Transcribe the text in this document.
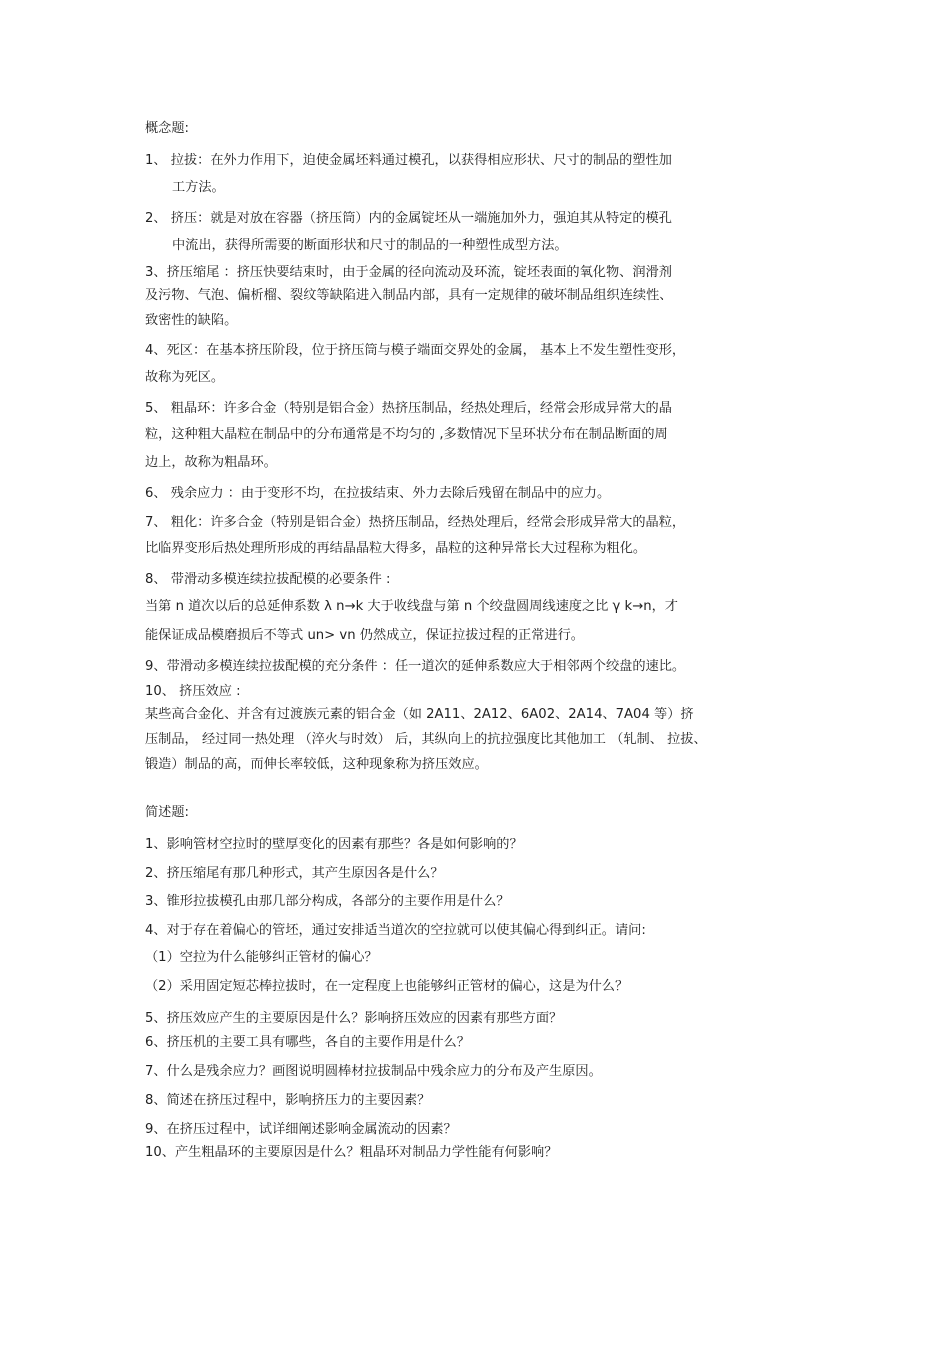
概念题:
1、 拉拔：在外力作用下，迫使金属坯料通过模孔，以获得相应形状、尺寸的制品的塑性加
工方法。
2、 挤压：就是对放在容器（挤压筒）内的金属锭坯从一端施加外力，强迫其从特定的模孔
中流出，获得所需要的断面形状和尺寸的制品的一种塑性成型方法。
3、挤压缩尾 ：挤压快要结束时，由于金属的径向流动及环流，锭坯表面的氧化物、润滑剂
及污物、气泡、偏析榴、裂纹等缺陷进入制品内部，具有一定规律的破坏制品组织连续性、
致密性的缺陷。
4、死区：在基本挤压阶段，位于挤压筒与模子端面交界处的金属， 基本上不发生塑性变形，
故称为死区。
5、 粗晶环：许多合金（特别是铝合金）热挤压制品，经热处理后，经常会形成异常大的晶
粒，这种粗大晶粒在制品中的分布通常是不均匀的 ,多数情况下呈环状分布在制品断面的周
边上，故称为粗晶环。
6、 残余应力 ：由于变形不均，在拉拔结束、外力去除后残留在制品中的应力。
7、 粗化：许多合金（特别是铝合金）热挤压制品，经热处理后，经常会形成异常大的晶粒，
比临界变形后热处理所形成的再结晶晶粒大得多，晶粒的这种异常长大过程称为粗化。
8、 带滑动多模连续拉拔配模的必要条件 :
当第 n 道次以后的总延伸系数 λ n→k 大于收线盘与第 n 个绞盘圆周线速度之比 γ k→n，才
能保证成品模磨损后不等式 un> vn 仍然成立，保证拉拔过程的正常进行。
9、带滑动多模连续拉拔配模的充分条件 ：任一道次的延伸系数应大于相邻两个绞盘的速比。
10、 挤压效应 :
某些高合金化、并含有过渡族元素的铝合金（如 2A11、2A12、6A02、2A14、7A04 等）挤
压制品， 经过同一热处理 （淬火与时效） 后，其纵向上的抗拉强度比其他加工 （轧制、 拉拔、
锻造）制品的高，而伸长率较低，这种现象称为挤压效应。
简述题:
1、影响管材空拉时的壁厚变化的因素有那些？各是如何影响的？
2、挤压缩尾有那几种形式，其产生原因各是什么？
3、锥形拉拔模孔由那几部分构成，各部分的主要作用是什么？
4、对于存在着偏心的管坯，通过安排适当道次的空拉就可以使其偏心得到纠正。请问:
（1）空拉为什么能够纠正管材的偏心？
（2）采用固定短芯棒拉拔时，在一定程度上也能够纠正管材的偏心，这是为什么？
5、挤压效应产生的主要原因是什么？影响挤压效应的因素有那些方面？
6、挤压机的主要工具有哪些，各自的主要作用是什么？
7、什么是残余应力？画图说明圆棒材拉拔制品中残余应力的分布及产生原因。
8、简述在挤压过程中，影响挤压力的主要因素？
9、在挤压过程中，试详细阐述影响金属流动的因素？
10、产生粗晶环的主要原因是什么？粗晶环对制品力学性能有何影响？
